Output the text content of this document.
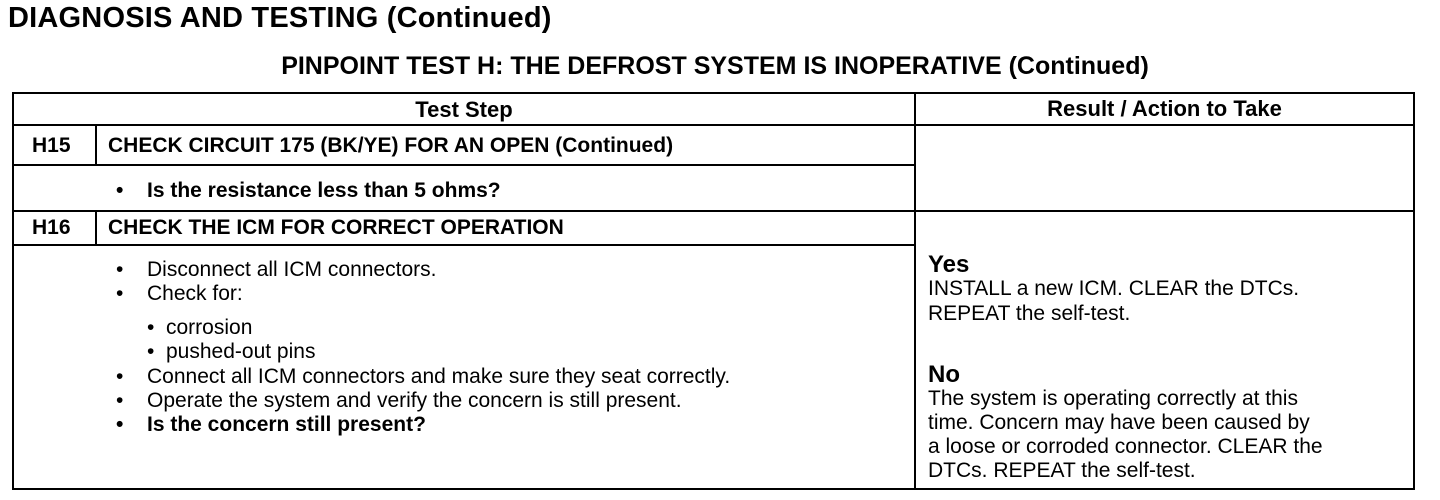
DIAGNOSIS AND TESTING (Continued)
PINPOINT TEST H: THE DEFROST SYSTEM IS INOPERATIVE (Continued)
Test Step	Result / Action to Take
H15 CHECK CIRCUIT 175 (BK/YE) FOR AN OPEN (Continued)
• Is the resistance less than 5 ohms?
H16 CHECK THE ICM FOR CORRECT OPERATION
• Disconnect all ICM connectors.
• Check for:
• corrosion
• pushed-out pins
• Connect all ICM connectors and make sure they seat correctly.
• Operate the system and verify the concern is still present.
• Is the concern still present?
Yes
INSTALL a new ICM. CLEAR the DTCs.
REPEAT the self-test.
No
The system is operating correctly at this
time. Concern may have been caused by
a loose or corroded connector. CLEAR the
DTCs. REPEAT the self-test.
